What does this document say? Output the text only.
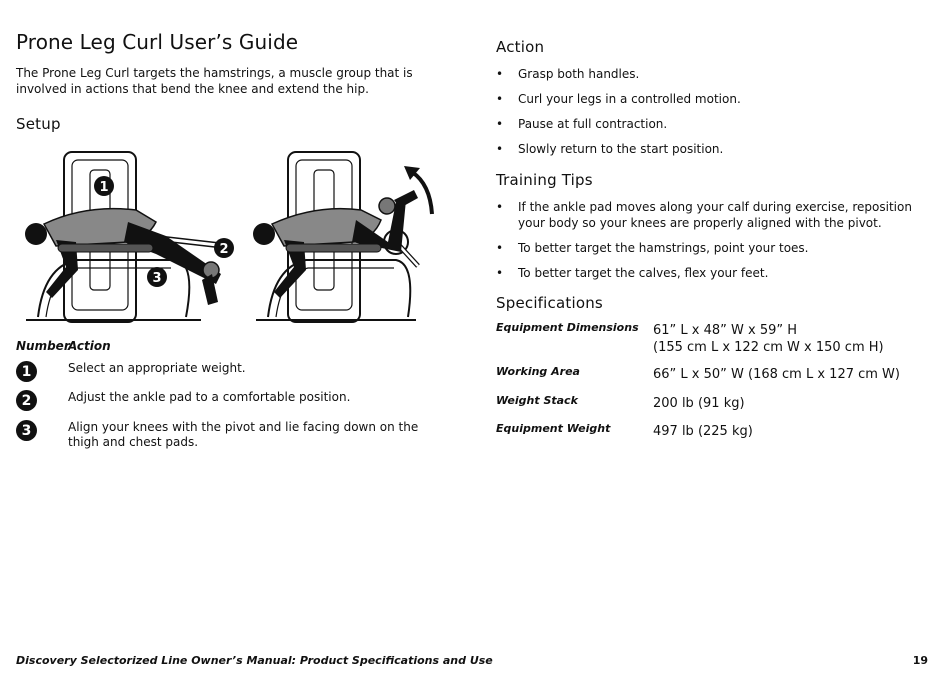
Prone Leg Curl User’s Guide

The Prone Leg Curl targets the hamstrings, a muscle group that is involved in actions that bend the knee and extend the hip.

Setup
1
2
3
Number
Action
1	Select an appropriate weight.
2	Adjust the ankle pad to a comfortable position.
3	Align your knees with the pivot and lie facing down on the thigh and chest pads.
Action
• Grasp both handles.
• Curl your legs in a controlled motion.
• Pause at full contraction.
• Slowly return to the start position.
Training Tips
• If the ankle pad moves along your calf during exercise, reposition your body so your knees are properly aligned with the pivot.
• To better target the hamstrings, point your toes.
• To better target the calves, flex your feet.
Specifications
Equipment Dimensions 61” L x 48” W x 59” H
(155 cm L x 122 cm W x 150 cm H)
Working Area	66” L x 50” W (168 cm L x 127 cm W)
Weight Stack	200 lb (91 kg)
Equipment Weight	497 lb (225 kg)
Discovery Selectorized Line Owner’s Manual: Product Specifications and Use	19
